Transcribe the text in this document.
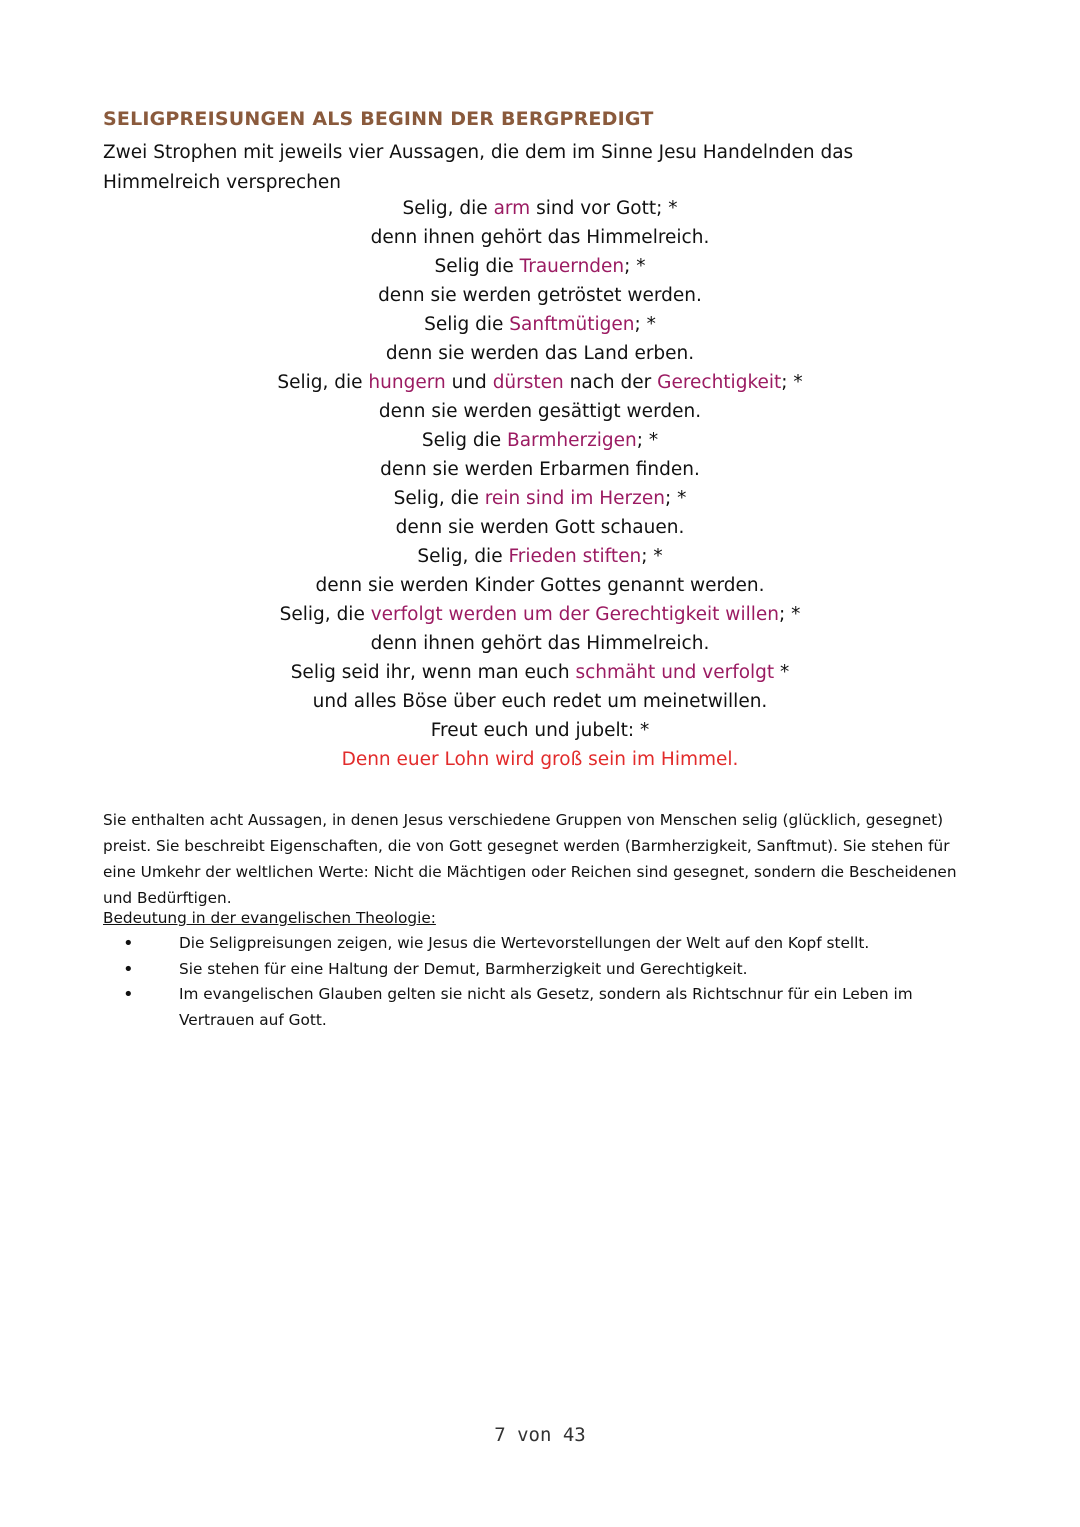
SELIGPREISUNGEN ALS BEGINN DER BERGPREDIGT
Zwei Strophen mit jeweils vier Aussagen, die dem im Sinne Jesu Handelnden das Himmelreich versprechen
Selig, die arm sind vor Gott; *
denn ihnen gehört das Himmelreich.
Selig die Trauernden; *
denn sie werden getröstet werden.
Selig die Sanftmütigen; *
denn sie werden das Land erben.
Selig, die hungern und dürsten nach der Gerechtigkeit; *
denn sie werden gesättigt werden.
Selig die Barmherzigen; *
denn sie werden Erbarmen finden.
Selig, die rein sind im Herzen; *
denn sie werden Gott schauen.
Selig, die Frieden stiften; *
denn sie werden Kinder Gottes genannt werden.
Selig, die verfolgt werden um der Gerechtigkeit willen; *
denn ihnen gehört das Himmelreich.
Selig seid ihr, wenn man euch schmäht und verfolgt *
und alles Böse über euch redet um meinetwillen.
Freut euch und jubelt: *
Denn euer Lohn wird groß sein im Himmel.
Sie enthalten acht Aussagen, in denen Jesus verschiedene Gruppen von Menschen selig (glücklich, gesegnet) preist. Sie beschreibt Eigenschaften, die von Gott gesegnet werden (Barmherzigkeit, Sanftmut). Sie stehen für eine Umkehr der weltlichen Werte: Nicht die Mächtigen oder Reichen sind gesegnet, sondern die Bescheidenen und Bedürftigen.
Bedeutung in der evangelischen Theologie:
•	Die Seligpreisungen zeigen, wie Jesus die Wertevorstellungen der Welt auf den Kopf stellt.
•	Sie stehen für eine Haltung der Demut, Barmherzigkeit und Gerechtigkeit.
•	Im evangelischen Glauben gelten sie nicht als Gesetz, sondern als Richtschnur für ein Leben im Vertrauen auf Gott.
7 von 43
